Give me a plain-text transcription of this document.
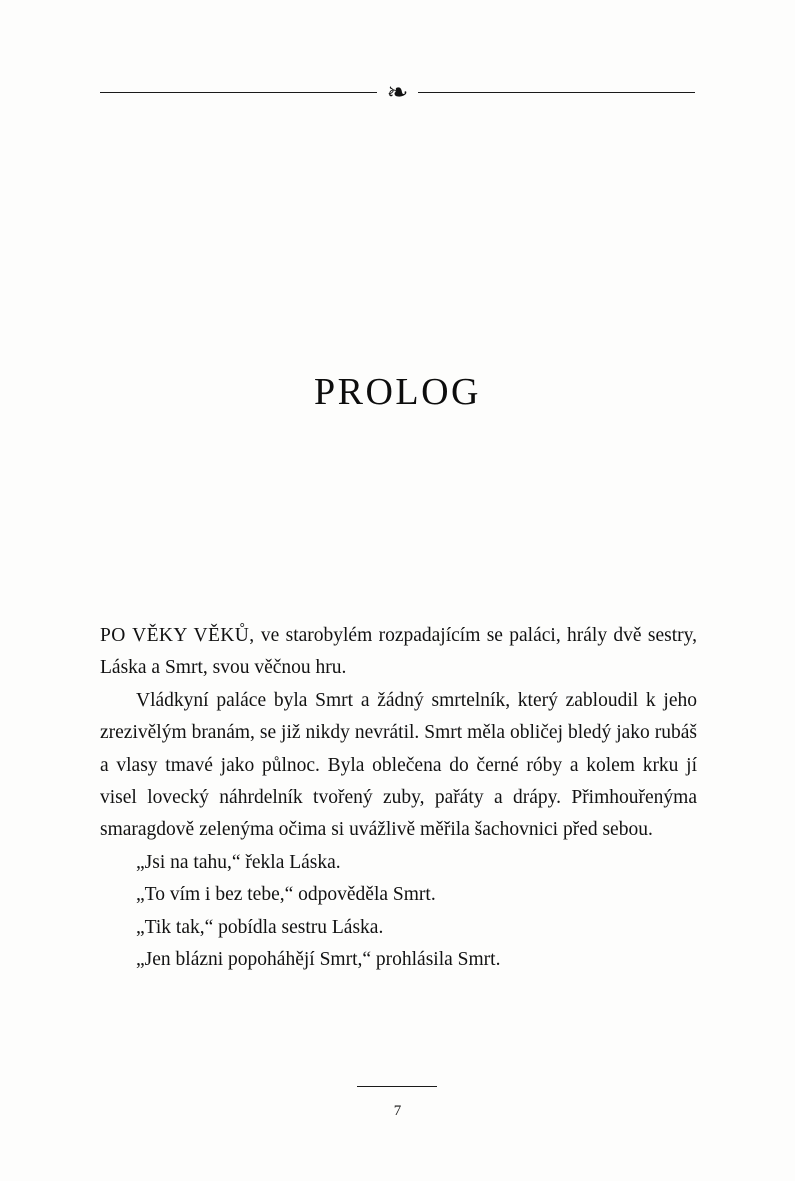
❧
PROLOG

PO VĚKY VĚKŮ, ve starobylém rozpadajícím se paláci, hrály dvě sestry, Láska a Smrt, svou věčnou hru.

Vládkyní paláce byla Smrt a žádný smrtelník, který zabloudil k jeho zrezivělým branám, se již nikdy nevrátil. Smrt měla obličej bledý jako rubáš a vlasy tmavé jako půlnoc. Byla oblečena do černé róby a kolem krku jí visel lovecký náhrdelník tvořený zuby, pařáty a drápy. Přimhouřenýma smaragdově zelenýma očima si uvážlivě měřila šachovnici před sebou.

„Jsi na tahu,“ řekla Láska.

„To vím i bez tebe,“ odpověděla Smrt.

„Tik tak,“ pobídla sestru Láska.

„Jen blázni popoháhějí Smrt,“ prohlásila Smrt.

7
